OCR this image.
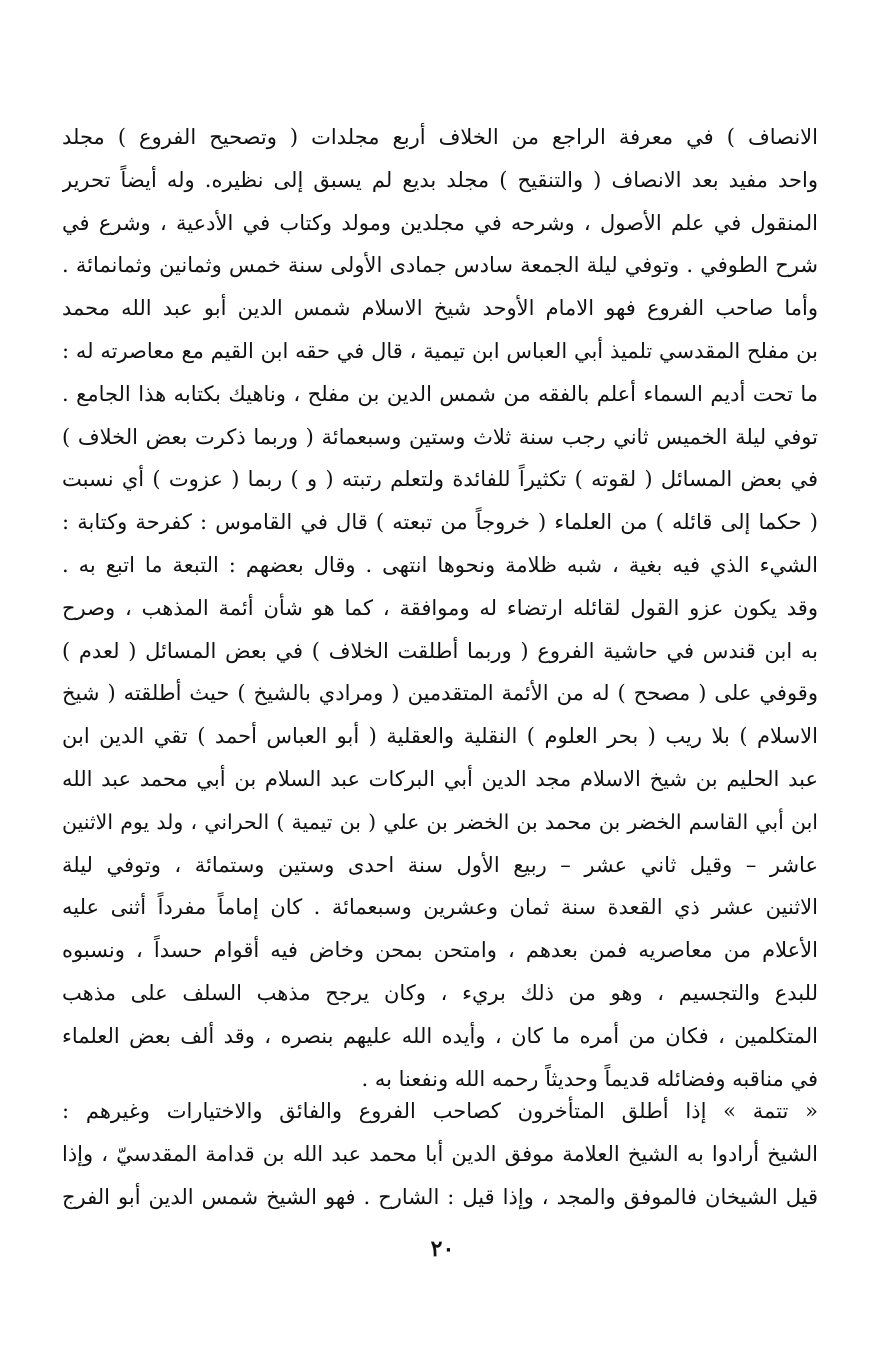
الانصاف ) في معرفة الراجع من الخلاف أربع مجلدات ( وتصحيح الفروع ) مجلد
واحد مفيد بعد الانصاف ( والتنقيح ) مجلد بديع لم يسبق إلى نظيره. وله أيضاً تحرير
المنقول في علم الأصول ، وشرحه في مجلدين ومولد وكتاب في الأدعية ، وشرع في
شرح الطوفي . وتوفي ليلة الجمعة سادس جمادى الأولى سنة خمس وثمانين وثمانمائة .
وأما صاحب الفروع فهو الامام الأوحد شيخ الاسلام شمس الدين أبو عبد الله محمد
بن مفلح المقدسي تلميذ أبي العباس ابن تيمية ، قال في حقه ابن القيم مع معاصرته له :
ما تحت أديم السماء أعلم بالفقه من شمس الدين بن مفلح ، وناهيك بكتابه هذا الجامع .
توفي ليلة الخميس ثاني رجب سنة ثلاث وستين وسبعمائة ( وربما ذكرت بعض الخلاف )
في بعض المسائل ( لقوته ) تكثيراً للفائدة ولتعلم رتبته ( و ) ربما ( عزوت ) أي نسبت
( حكما إلى قائله ) من العلماء ( خروجاً من تبعته ) قال في القاموس : كفرحة وكتابة :
الشيء الذي فيه بغية ، شبه ظلامة ونحوها انتهى . وقال بعضهم : التبعة ما اتبع به .
وقد يكون عزو القول لقائله ارتضاء له وموافقة ، كما هو شأن أئمة المذهب ، وصرح
به ابن قندس في حاشية الفروع ( وربما أطلقت الخلاف ) في بعض المسائل ( لعدم )
وقوفي على ( مصحح ) له من الأئمة المتقدمين ( ومرادي بالشيخ ) حيث أطلقته ( شيخ
الاسلام ) بلا ريب ( بحر العلوم ) النقلية والعقلية ( أبو العباس أحمد ) تقي الدين ابن
عبد الحليم بن شيخ الاسلام مجد الدين أبي البركات عبد السلام بن أبي محمد عبد الله
ابن أبي القاسم الخضر بن محمد بن الخضر بن علي ( بن تيمية ) الحراني ، ولد يوم الاثنين
عاشر – وقيل ثاني عشر – ربيع الأول سنة احدى وستين وستمائة ، وتوفي ليلة
الاثنين عشر ذي القعدة سنة ثمان وعشرين وسبعمائة . كان إماماً مفرداً أثنى عليه
الأعلام من معاصريه فمن بعدهم ، وامتحن بمحن وخاض فيه أقوام حسداً ، ونسبوه
للبدع والتجسيم ، وهو من ذلك بريء ، وكان يرجح مذهب السلف على مذهب
المتكلمين ، فكان من أمره ما كان ، وأيده الله عليهم بنصره ، وقد ألف بعض العلماء
في مناقبه وفضائله قديماً وحديثاً رحمه الله ونفعنا به .
« تتمة » إذا أطلق المتأخرون كصاحب الفروع والفائق والاختيارات وغيرهم :
الشيخ أرادوا به الشيخ العلامة موفق الدين أبا محمد عبد الله بن قدامة المقدسيّ ، وإذا
قيل الشيخان فالموفق والمجد ، وإذا قيل : الشارح . فهو الشيخ شمس الدين أبو الفرج
٢٠
